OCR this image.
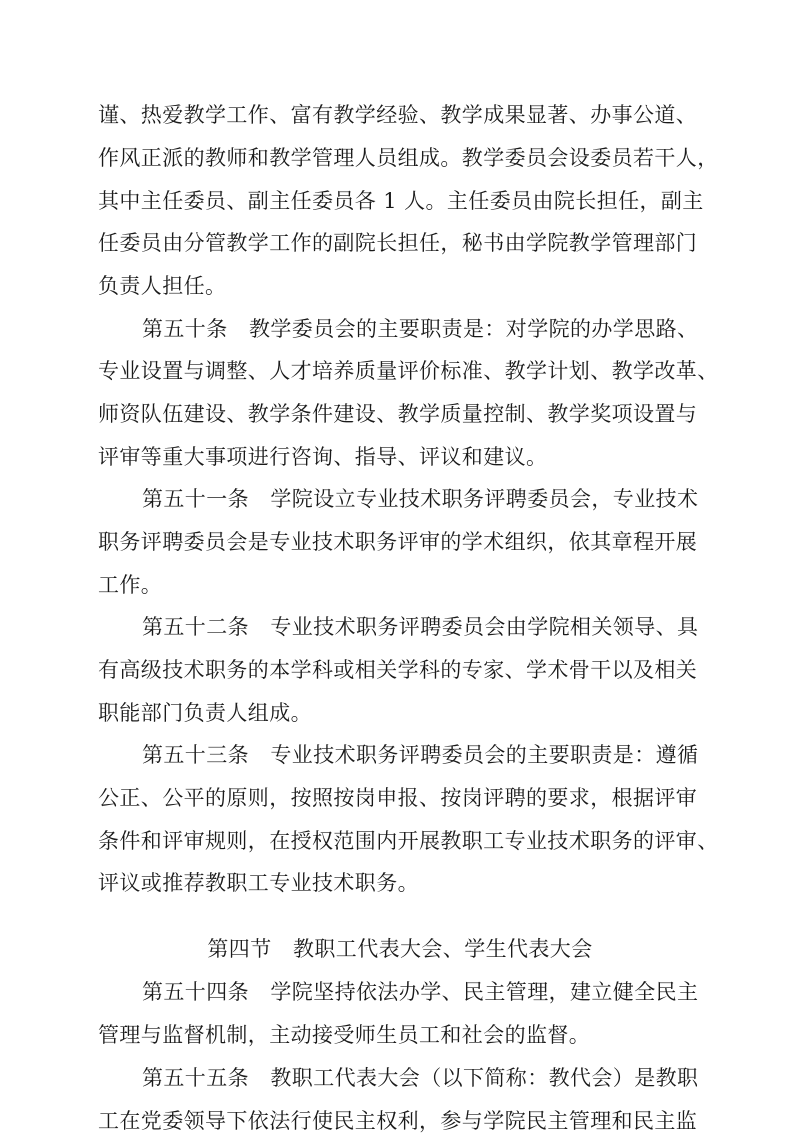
谨、热爱教学工作、富有教学经验、教学成果显著、办事公道、
作风正派的教师和教学管理人员组成。教学委员会设委员若干人，
其中主任委员、副主任委员各 1 人。主任委员由院长担任，副主
任委员由分管教学工作的副院长担任，秘书由学院教学管理部门
负责人担任。
第五十条　教学委员会的主要职责是：对学院的办学思路、
专业设置与调整、人才培养质量评价标准、教学计划、教学改革、
师资队伍建设、教学条件建设、教学质量控制、教学奖项设置与
评审等重大事项进行咨询、指导、评议和建议。
第五十一条　学院设立专业技术职务评聘委员会，专业技术
职务评聘委员会是专业技术职务评审的学术组织，依其章程开展
工作。
第五十二条　专业技术职务评聘委员会由学院相关领导、具
有高级技术职务的本学科或相关学科的专家、学术骨干以及相关
职能部门负责人组成。
第五十三条　专业技术职务评聘委员会的主要职责是：遵循
公正、公平的原则，按照按岗申报、按岗评聘的要求，根据评审
条件和评审规则，在授权范围内开展教职工专业技术职务的评审、
评议或推荐教职工专业技术职务。
第四节　教职工代表大会、学生代表大会
第五十四条　学院坚持依法办学、民主管理，建立健全民主
管理与监督机制，主动接受师生员工和社会的监督。
第五十五条　教职工代表大会（以下简称：教代会）是教职
工在党委领导下依法行使民主权利，参与学院民主管理和民主监
